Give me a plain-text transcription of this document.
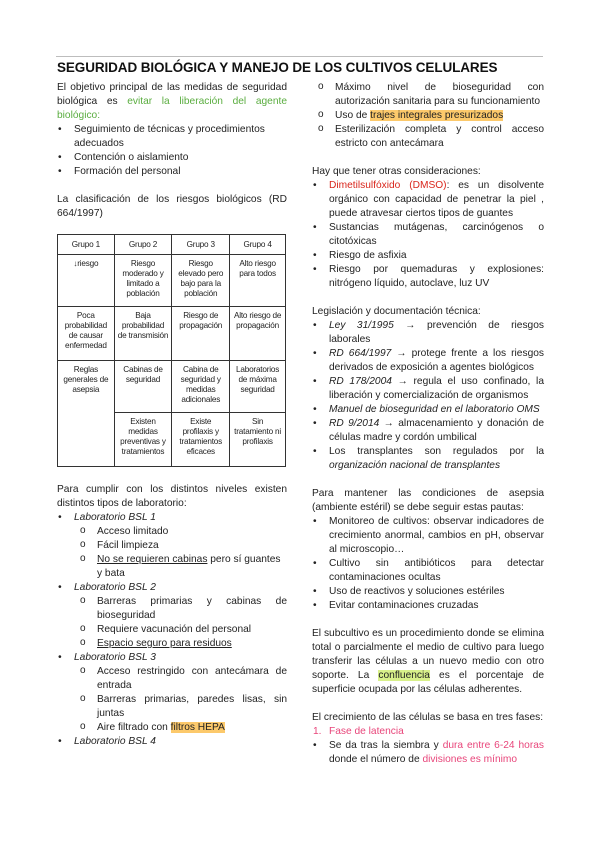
SEGURIDAD BIOLÓGICA Y MANEJO DE LOS CULTIVOS CELULARES

El objetivo principal de las medidas de seguridad biológica es evitar la liberación del agente biológico:

• Seguimiento de técnicas y procedimientos adecuados
• Contención o aislamiento
• Formación del personal

La clasificación de los riesgos biológicos (RD 664/1997)

Grupo 1	Grupo 2	Grupo 3	Grupo 4
↓riesgo	Riesgo moderado y limitado a población	Riesgo elevado pero bajo para la población	Alto riesgo para todos
Poca probabilidad de causar enfermedad	Baja probabilidad de transmisión	Riesgo de propagación	Alto riesgo de propagación
Reglas generales de asepsia	Cabinas de seguridad	Cabina de seguridad y medidas adicionales	Laboratorios de máxima seguridad
	Existen medidas preventivas y tratamientos	Existe profilaxis y tratamientos eficaces	Sin tratamiento ni profilaxis

Para cumplir con los distintos niveles existen distintos tipos de laboratorio:

• Laboratorio BSL 1
o Acceso limitado
o Fácil limpieza
o No se requieren cabinas pero sí guantes y bata
• Laboratorio BSL 2
o Barreras primarias y cabinas de bioseguridad
o Requiere vacunación del personal
o Espacio seguro para residuos
• Laboratorio BSL 3
o Acceso restringido con antecámara de entrada
o Barreras primarias, paredes lisas, sin juntas
o Aire filtrado con filtros HEPA
• Laboratorio BSL 4
o Máximo nivel de bioseguridad con autorización sanitaria para su funcionamiento
o Uso de trajes integrales presurizados
o Esterilización completa y control acceso estricto con antecámara

Hay que tener otras consideraciones:

• Dimetilsulfóxido (DMSO): es un disolvente orgánico con capacidad de penetrar la piel , puede atravesar ciertos tipos de guantes
• Sustancias mutágenas, carcinógenos o citotóxicas
• Riesgo de asfixia
• Riesgo por quemaduras y explosiones: nitrógeno líquido, autoclave, luz UV

Legislación y documentación técnica:

• Ley 31/1995 → prevención de riesgos laborales
• RD 664/1997 → protege frente a los riesgos derivados de exposición a agentes biológicos
• RD 178/2004 → regula el uso confinado, la liberación y comercialización de organismos
• Manuel de bioseguridad en el laboratorio OMS
• RD 9/2014 → almacenamiento y donación de células madre y cordón umbilical
• Los transplantes son regulados por la organización nacional de transplantes

Para mantener las condiciones de asepsia (ambiente estéril) se debe seguir estas pautas:

• Monitoreo de cultivos: observar indicadores de crecimiento anormal, cambios en pH, observar al microscopio…
• Cultivo sin antibióticos para detectar contaminaciones ocultas
• Uso de reactivos y soluciones estériles
• Evitar contaminaciones cruzadas

El subcultivo es un procedimiento donde se elimina total o parcialmente el medio de cultivo para luego transferir las células a un nuevo medio con otro soporte. La confluencia es el porcentaje de superficie ocupada por las células adherentes.

El crecimiento de las células se basa en tres fases:

1. Fase de latencia
• Se da tras la siembra y dura entre 6-24 horas donde el número de divisiones es mínimo
